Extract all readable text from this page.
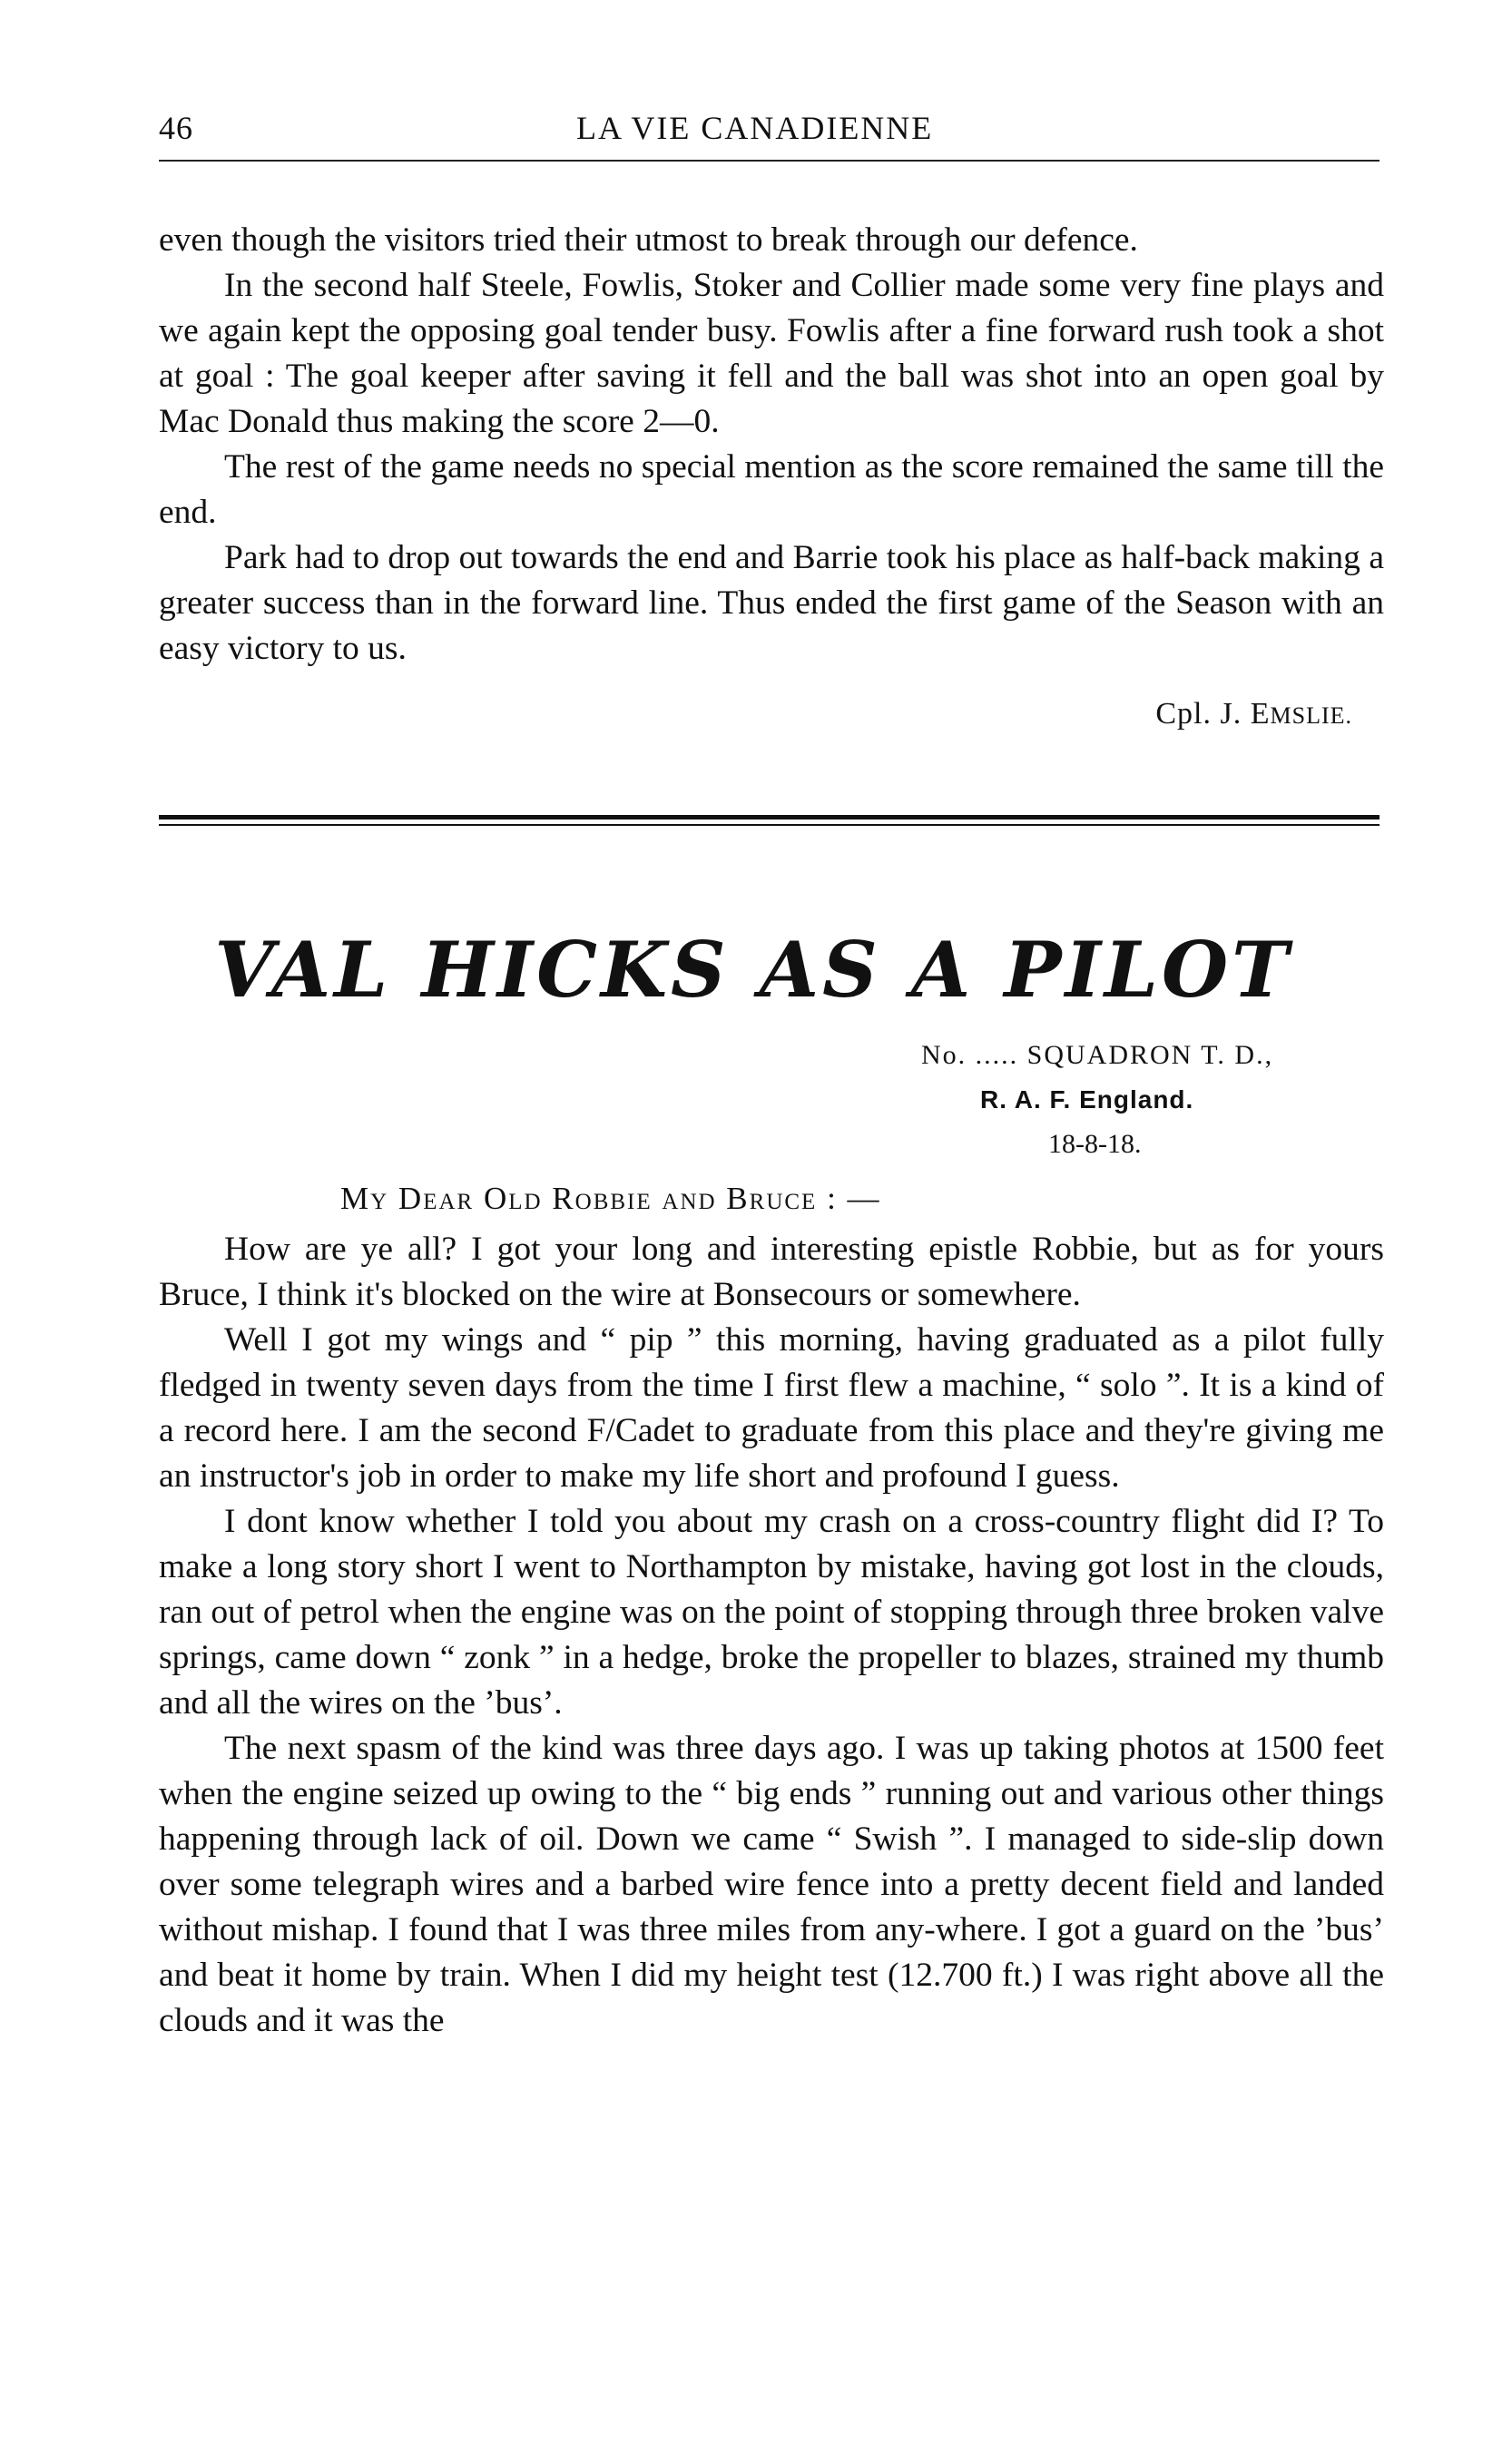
46	LA VIE CANADIENNE

even though the visitors tried their utmost to break through our defence.

In the second half Steele, Fowlis, Stoker and Collier made some very fine plays and we again kept the opposing goal tender busy. Fowlis after a fine forward rush took a shot at goal : The goal keeper after saving it fell and the ball was shot into an open goal by Mac Donald thus making the score 2—0.

The rest of the game needs no special mention as the score remained the same till the end.

Park had to drop out towards the end and Barrie took his place as half-back making a greater success than in the forward line. Thus ended the first game of the Season with an easy victory to us.

Cpl. J. EMSLIE.
VAL HICKS AS A PILOT
No. ..... SQUADRON T. D.,
R. A. F. England.
18-8-18.

My Dear Old Robbie and Bruce : —

How are ye all? I got your long and interesting epistle Robbie, but as for yours Bruce, I think it's blocked on the wire at Bonsecours or somewhere.

Well I got my wings and “ pip ” this morning, having graduated as a pilot fully fledged in twenty seven days from the time I first flew a machine, “ solo ”. It is a kind of a record here. I am the second F/Cadet to graduate from this place and they're giving me an instructor's job in order to make my life short and profound I guess.

I dont know whether I told you about my crash on a cross-country flight did I? To make a long story short I went to Northampton by mistake, having got lost in the clouds, ran out of petrol when the engine was on the point of stopping through three broken valve springs, came down “ zonk ” in a hedge, broke the propeller to blazes, strained my thumb and all the wires on the ’bus’.

The next spasm of the kind was three days ago. I was up taking photos at 1500 feet when the engine seized up owing to the “ big ends ” running out and various other things happening through lack of oil. Down we came “ Swish ”. I managed to side-slip down over some telegraph wires and a barbed wire fence into a pretty decent field and landed without mishap. I found that I was three miles from any-where. I got a guard on the ’bus’ and beat it home by train. When I did my height test (12.700 ft.) I was right above all the clouds and it was the
